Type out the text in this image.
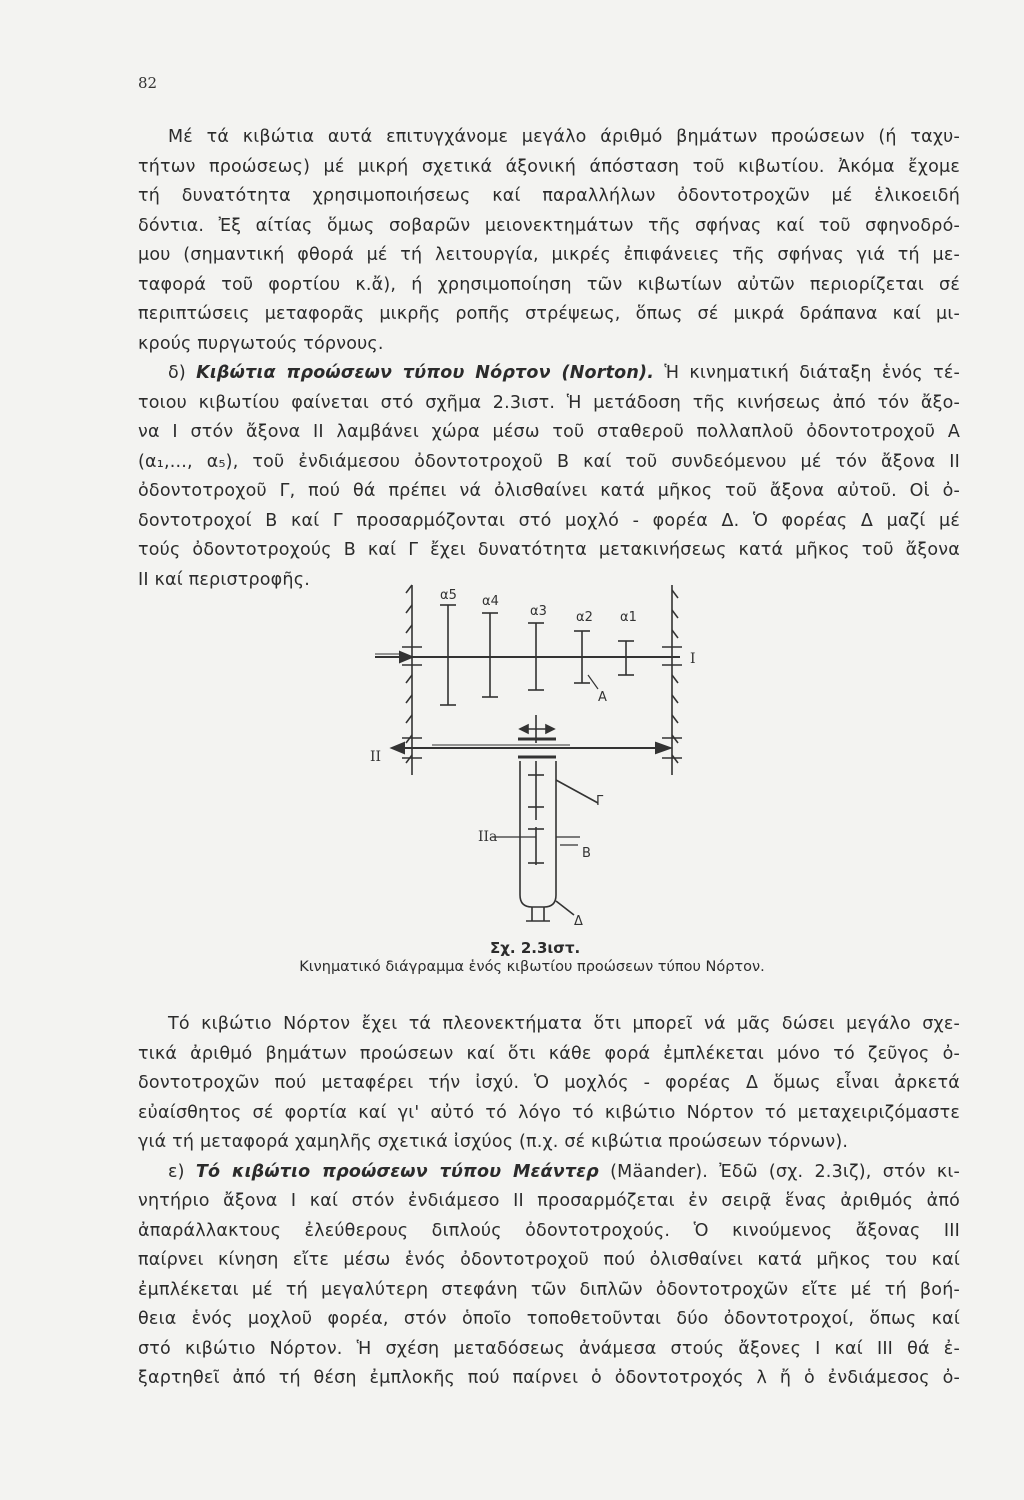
82
Μέ τά κιβώτια αυτά επιτυγχάνομε μεγάλο άριθμό βημάτων προώσεων (ή ταχυ-
τήτων προώσεως) μέ μικρή σχετικά άξονική άπόσταση τοῦ κιβωτίου. Ἀκόμα ἔχομε
τή δυνατότητα χρησιμοποιήσεως καί παραλλήλων ὀδοντοτροχῶν μέ ἑλικοειδή
δόντια. Ἐξ αίτίας ὅμως σοβαρῶν μειονεκτημάτων τῆς σφήνας καί τοῦ σφηνοδρό-
μου (σημαντική φθορά μέ τή λειτουργία, μικρές ἐπιφάνειες τῆς σφήνας γιά τή με-
ταφορά τοῦ φορτίου κ.ἄ), ή χρησιμοποίηση τῶν κιβωτίων αὐτῶν περιορίζεται σέ
περιπτώσεις μεταφορᾶς μικρῆς ροπῆς στρέψεως, ὅπως σέ μικρά δράπανα καί μι-
κρούς πυργωτούς τόρνους.
δ) Κιβώτια προώσεων τύπου Νόρτον (Norton). Ἡ κινηματική διάταξη ἑνός τέ-
τοιου κιβωτίου φαίνεται στό σχῆμα 2.3ιστ. Ἡ μετάδοση τῆς κινήσεως ἀπό τόν ἄξο-
να Ι στόν ἄξονα ΙΙ λαμβάνει χώρα μέσω τοῦ σταθεροῦ πολλαπλοῦ ὀδοντοτροχοῦ Α
(α₁,..., α₅), τοῦ ἐνδιάμεσου ὀδοντοτροχοῦ Β καί τοῦ συνδεόμενου μέ τόν ἄξονα ΙΙ
ὀδοντοτροχοῦ Γ, πού θά πρέπει νά ὀλισθαίνει κατά μῆκος τοῦ ἄξονα αὐτοῦ. Οἱ ὀ-
δοντοτροχοί Β καί Γ προσαρμόζονται στό μοχλό - φορέα Δ. Ὁ φορέας Δ μαζί μέ
τούς ὀδοντοτροχούς Β καί Γ ἔχει δυνατότητα μετακινήσεως κατά μῆκος τοῦ ἄξονα
ΙΙ καί περιστροφῆς.
α5 α4
α3 α2 α1
I
Α
II
Γ
IIa
Β
Δ
Σχ. 2.3ιστ.
Κινηματικό διάγραμμα ἑνός κιβωτίου προώσεων τύπου Νόρτον.
Τό κιβώτιο Νόρτον ἔχει τά πλεονεκτήματα ὅτι μπορεῖ νά μᾶς δώσει μεγάλο σχε-
τικά ἀριθμό βημάτων προώσεων καί ὅτι κάθε φορά ἐμπλέκεται μόνο τό ζεῦγος ὀ-
δοντοτροχῶν πού μεταφέρει τήν ἰσχύ. Ὁ μοχλός - φορέας Δ ὅμως εἶναι ἀρκετά
εὐαίσθητος σέ φορτία καί γι' αὐτό τό λόγο τό κιβώτιο Νόρτον τό μεταχειριζόμαστε
γιά τή μεταφορά χαμηλῆς σχετικά ἰσχύος (π.χ. σέ κιβώτια προώσεων τόρνων).
ε) Τό κιβώτιο προώσεων τύπου Μεάντερ (Mäander). Ἐδῶ (σχ. 2.3ιζ), στόν κι-
νητήριο ἄξονα Ι καί στόν ἐνδιάμεσο ΙΙ προσαρμόζεται ἐν σειρᾷ ἕνας ἀριθμός ἀπό
ἀπαράλλακτους ἐλεύθερους διπλούς ὀδοντοτροχούς. Ὁ κινούμενος ἄξονας ΙΙΙ
παίρνει κίνηση εἴτε μέσω ἑνός ὀδοντοτροχοῦ πού ὀλισθαίνει κατά μῆκος του καί
ἐμπλέκεται μέ τή μεγαλύτερη στεφάνη τῶν διπλῶν ὀδοντοτροχῶν εἴτε μέ τή βοή-
θεια ἑνός μοχλοῦ φορέα, στόν ὁποῖο τοποθετοῦνται δύο ὀδοντοτροχοί, ὅπως καί
στό κιβώτιο Νόρτον. Ἡ σχέση μεταδόσεως ἀνάμεσα στούς ἄξονες Ι καί ΙΙΙ θά ἐ-
ξαρτηθεῖ ἀπό τή θέση ἐμπλοκῆς πού παίρνει ὁ ὀδοντοτροχός λ ἤ ὁ ἐνδιάμεσος ὀ-
